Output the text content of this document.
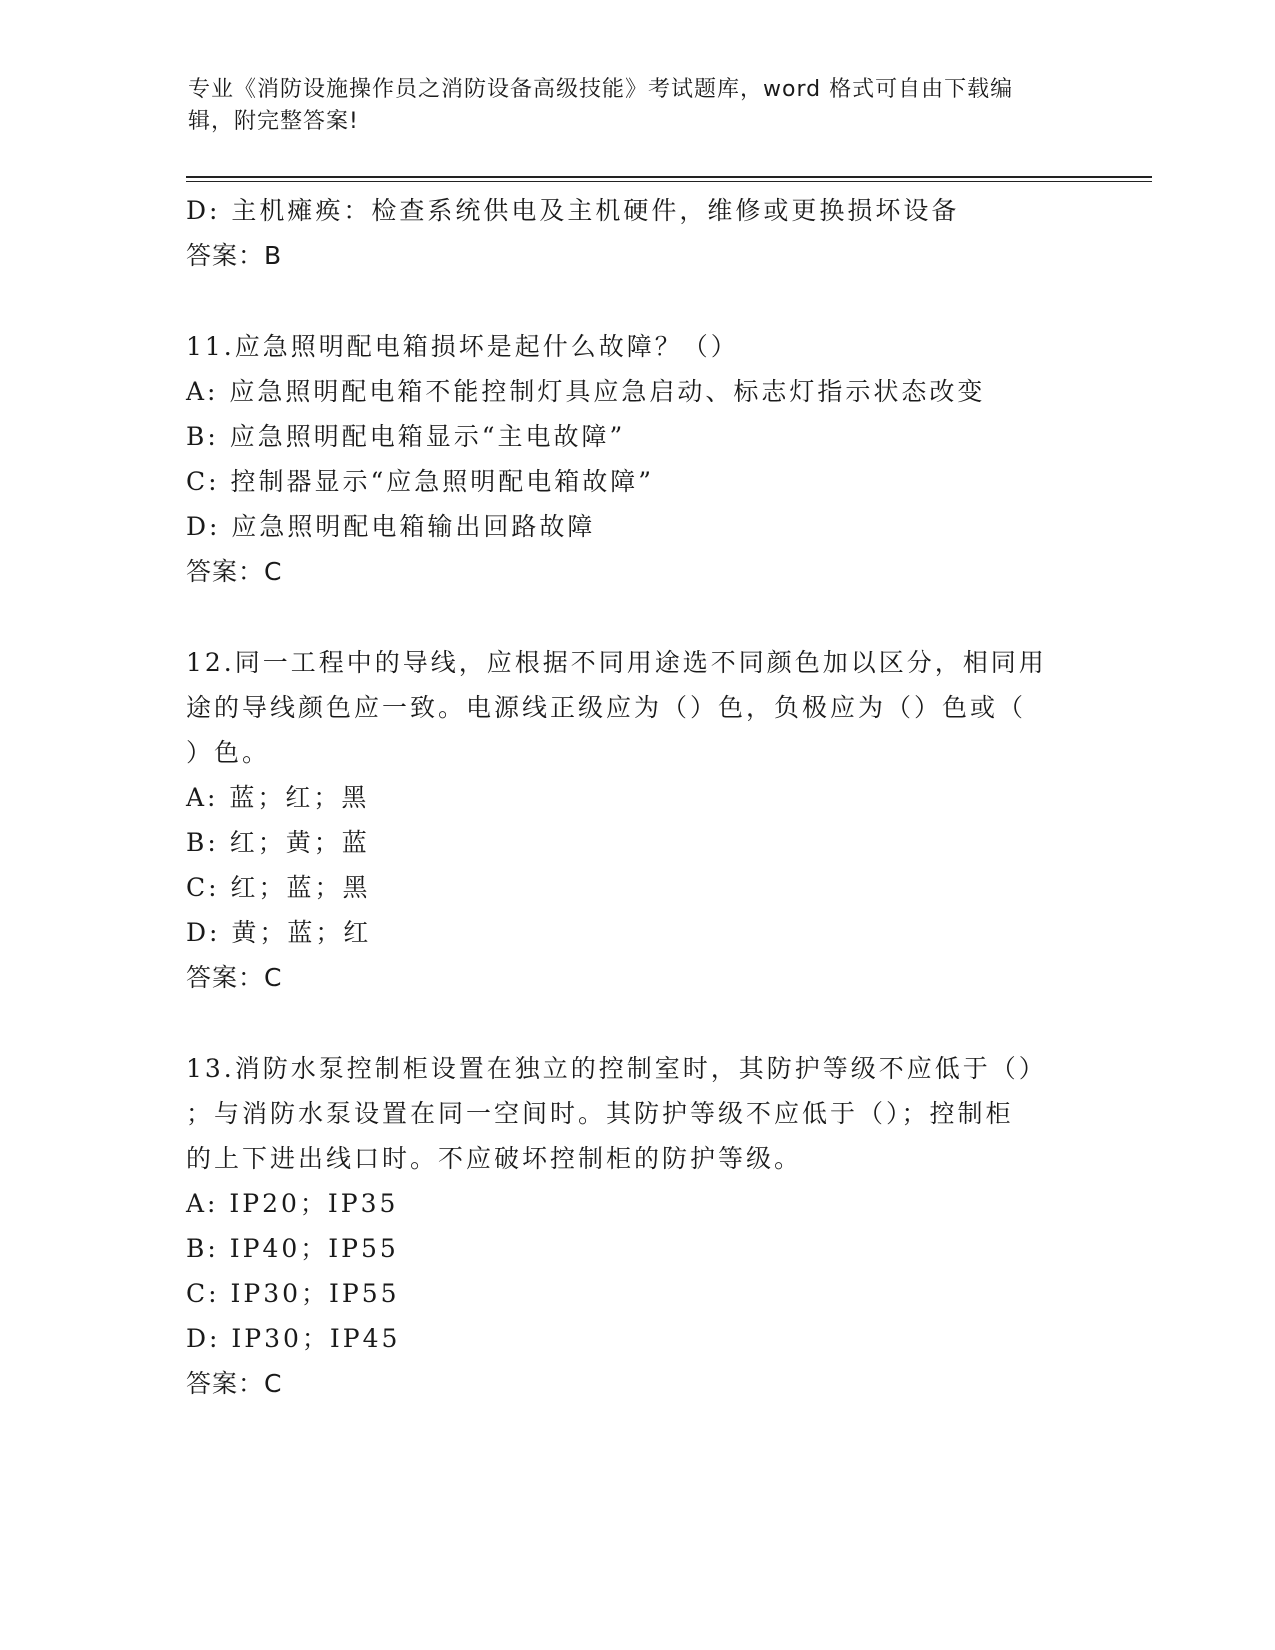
专业《消防设施操作员之消防设备高级技能》考试题库，word 格式可自由下载编
辑，附完整答案!
D: 主机瘫痪：检查系统供电及主机硬件，维修或更换损坏设备
答案：B
11.应急照明配电箱损坏是起什么故障？（）
A: 应急照明配电箱不能控制灯具应急启动、标志灯指示状态改变
B: 应急照明配电箱显示“主电故障”
C: 控制器显示“应急照明配电箱故障”
D: 应急照明配电箱输出回路故障
答案：C
12.同一工程中的导线，应根据不同用途选不同颜色加以区分，相同用
途的导线颜色应一致。电源线正级应为（）色，负极应为（）色或（
）色。
A: 蓝；红；黑
B: 红；黄；蓝
C: 红；蓝；黑
D: 黄；蓝；红
答案：C
13.消防水泵控制柜设置在独立的控制室时，其防护等级不应低于（）
；与消防水泵设置在同一空间时。其防护等级不应低于（）；控制柜
的上下进出线口时。不应破坏控制柜的防护等级。
A: IP20；IP35
B: IP40；IP55
C: IP30；IP55
D: IP30；IP45
答案：C
